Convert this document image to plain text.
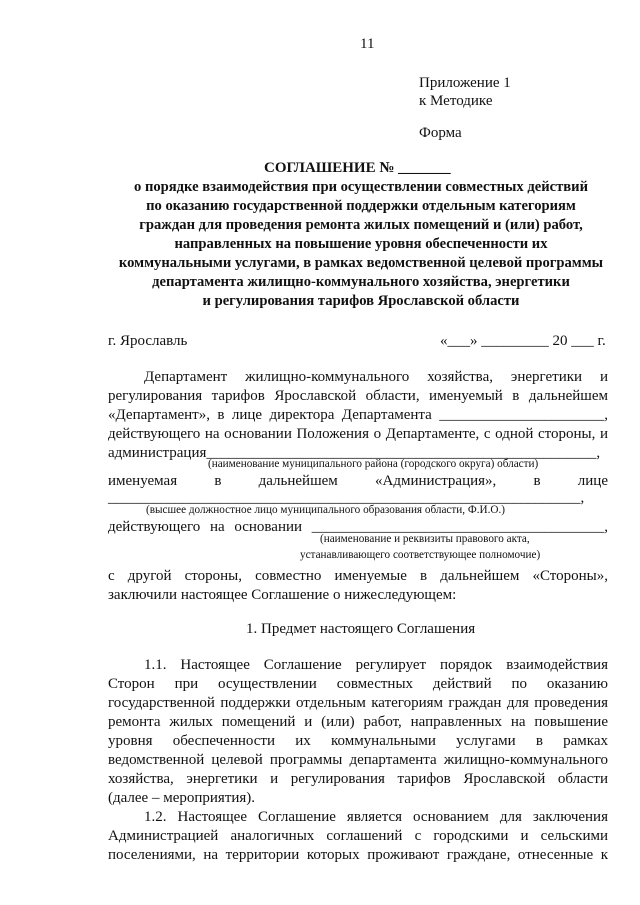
11
Приложение 1
к Методике
Форма
СОГЛАШЕНИЕ № _______
о порядке взаимодействия при осуществлении совместных действий
по оказанию государственной поддержки отдельным категориям
граждан для проведения ремонта жилых помещений и (или) работ,
направленных на повышение уровня обеспеченности их
коммунальными услугами, в рамках ведомственной целевой программы
департамента жилищно-коммунального хозяйства, энергетики
и регулирования тарифов Ярославской области
г. Ярославль	«___» _________ 20 ___ г.
Департамент жилищно-коммунального хозяйства, энергетики и
регулирования тарифов Ярославской области, именуемый в дальнейшем
«Департамент», в лице директора Департамента ______________________,
действующего на основании Положения о Департаменте, с одной стороны, и
администрация____________________________________________________,
(наименование муниципального района (городского округа) области)
именуемая в дальнейшем «Администрация», в лице
_______________________________________________________________,
(высшее должностное лицо муниципального образования области, Ф.И.О.)
действующего на основании _______________________________________,
(наименование и реквизиты правового акта,
устанавливающего соответствующее полномочие)
с другой стороны, совместно именуемые в дальнейшем «Стороны»,
заключили настоящее Соглашение о нижеследующем:
1. Предмет настоящего Соглашения
1.1. Настоящее Соглашение регулирует порядок взаимодействия
Сторон при осуществлении совместных действий по оказанию
государственной поддержки отдельным категориям граждан для проведения
ремонта жилых помещений и (или) работ, направленных на повышение
уровня обеспеченности их коммунальными услугами в рамках
ведомственной целевой программы департамента жилищно-коммунального
хозяйства, энергетики и регулирования тарифов Ярославской области
(далее – мероприятия).
1.2. Настоящее Соглашение является основанием для заключения
Администрацией аналогичных соглашений с городскими и сельскими
поселениями, на территории которых проживают граждане, отнесенные к
